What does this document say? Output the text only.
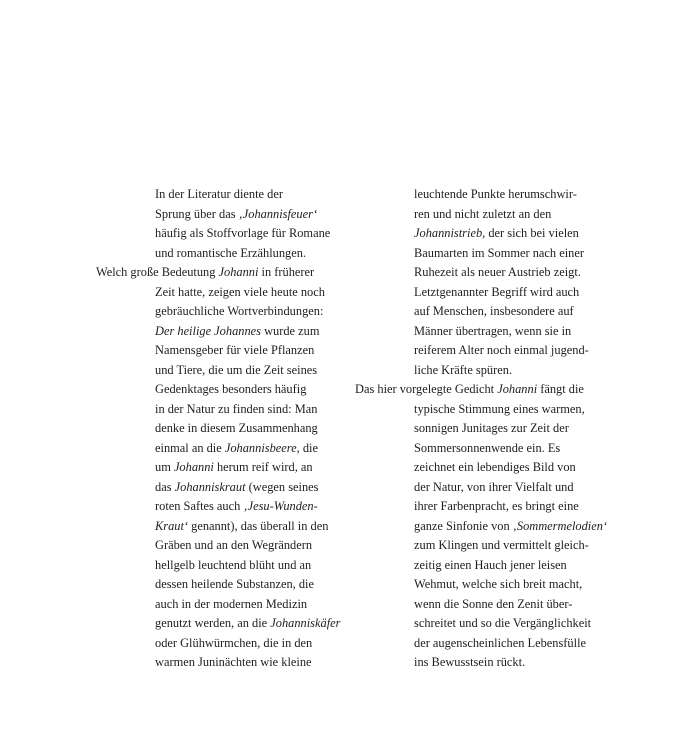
In der Literatur diente der
Sprung über das ‚Johannisfeuer‘
häufig als Stoffvorlage für Romane
und romantische Erzählungen.
Welch große Bedeutung Johanni in früherer
Zeit hatte, zeigen viele heute noch
gebräuchliche Wortverbindungen:
Der heilige Johannes wurde zum
Namensgeber für viele Pflanzen
und Tiere, die um die Zeit seines
Gedenktages besonders häufig
in der Natur zu finden sind: Man
denke in diesem Zusammenhang
einmal an die Johannisbeere, die
um Johanni herum reif wird, an
das Johanniskraut (wegen seines
roten Saftes auch ‚Jesu-Wunden-
Kraut‘ genannt), das überall in den
Gräben und an den Wegrändern
hellgelb leuchtend blüht und an
dessen heilende Substanzen, die
auch in der modernen Medizin
genutzt werden, an die Johanniskäfer
oder Glühwürmchen, die in den
warmen Juninächten wie kleine
leuchtende Punkte herumschwir-
ren und nicht zuletzt an den
Johannistrieb, der sich bei vielen
Baumarten im Sommer nach einer
Ruhezeit als neuer Austrieb zeigt.
Letztgenannter Begriff wird auch
auf Menschen, insbesondere auf
Männer übertragen, wenn sie in
reiferem Alter noch einmal jugend-
liche Kräfte spüren.
Das hier vorgelegte Gedicht Johanni fängt die
typische Stimmung eines warmen,
sonnigen Junitages zur Zeit der
Sommersonnenwende ein. Es
zeichnet ein lebendiges Bild von
der Natur, von ihrer Vielfalt und
ihrer Farbenpracht, es bringt eine
ganze Sinfonie von ‚Sommermelodien‘
zum Klingen und vermittelt gleich-
zeitig einen Hauch jener leisen
Wehmut, welche sich breit macht,
wenn die Sonne den Zenit über-
schreitet und so die Vergänglichkeit
der augenscheinlichen Lebensfülle
ins Bewusstsein rückt.
